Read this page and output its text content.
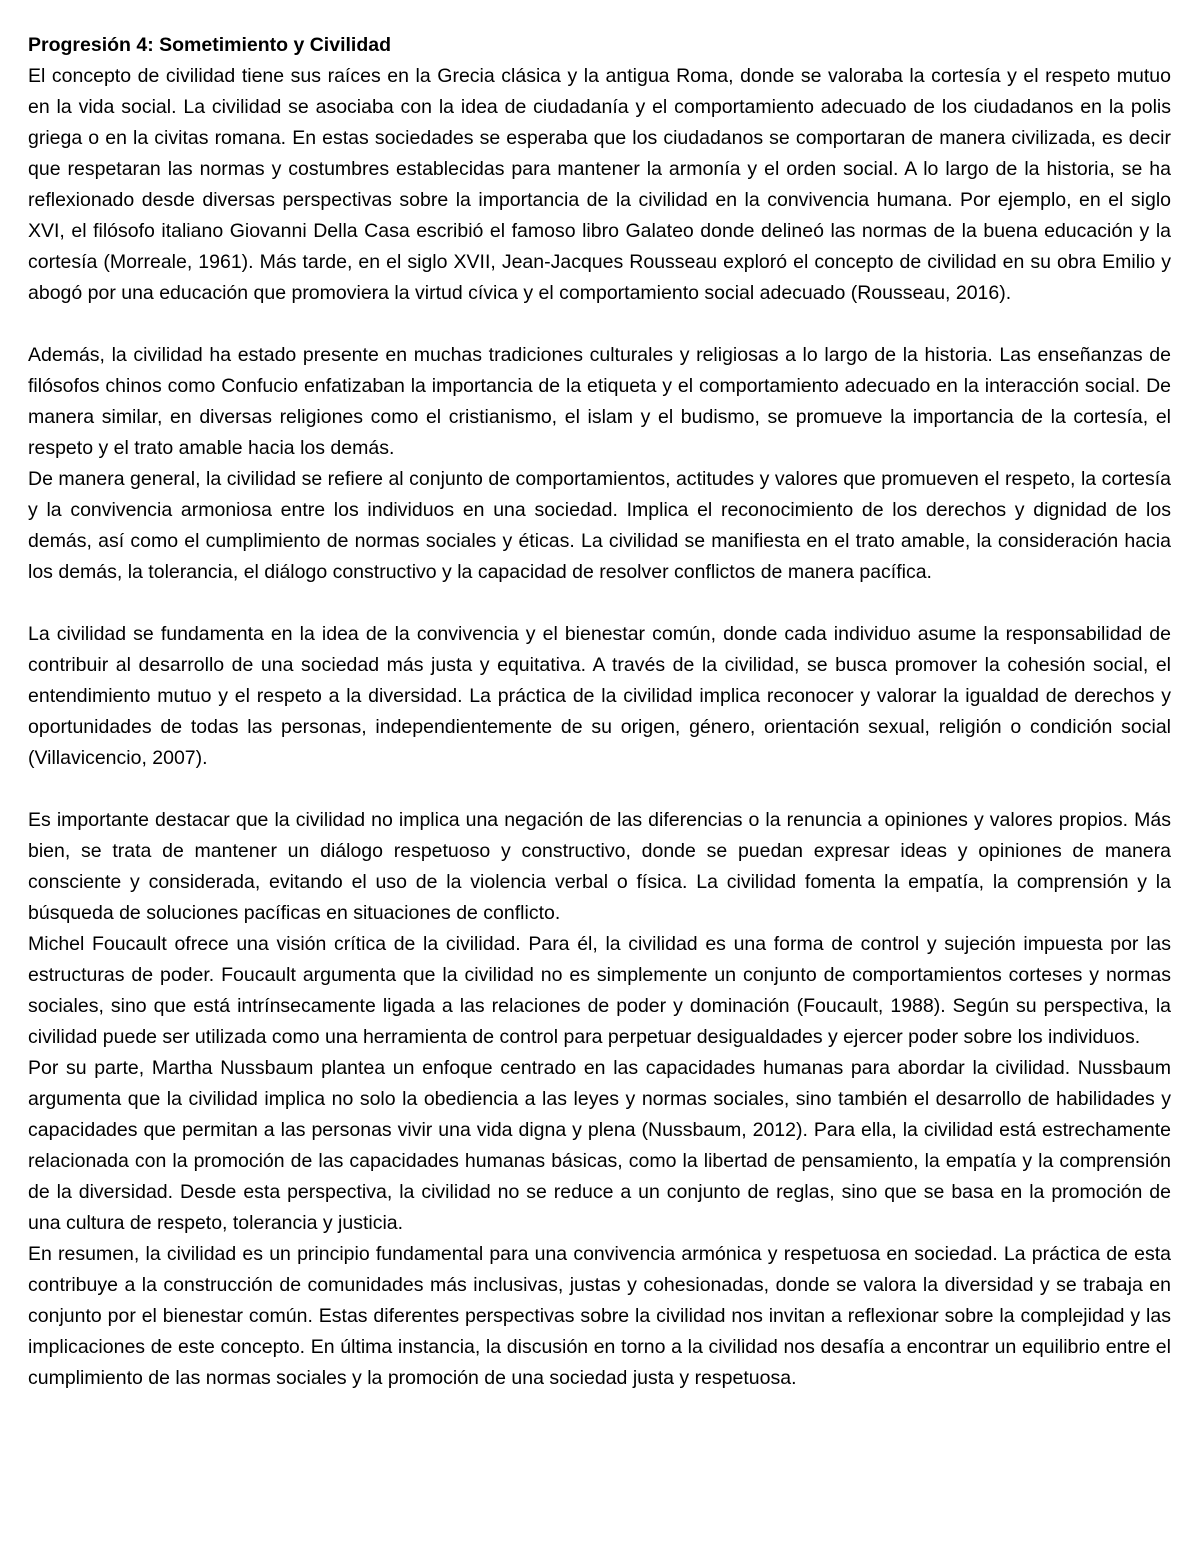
Progresión 4: Sometimiento y Civilidad

El concepto de civilidad tiene sus raíces en la Grecia clásica y la antigua Roma, donde se valoraba la cortesía y el respeto mutuo en la vida social. La civilidad se asociaba con la idea de ciudadanía y el comportamiento adecuado de los ciudadanos en la polis griega o en la civitas romana. En estas sociedades se esperaba que los ciudadanos se comportaran de manera civilizada, es decir que respetaran las normas y costumbres establecidas para mantener la armonía y el orden social. A lo largo de la historia, se ha reflexionado desde diversas perspectivas sobre la importancia de la civilidad en la convivencia humana. Por ejemplo, en el siglo XVI, el filósofo italiano Giovanni Della Casa escribió el famoso libro Galateo donde delineó las normas de la buena educación y la cortesía (Morreale, 1961). Más tarde, en el siglo XVII, Jean-Jacques Rousseau exploró el concepto de civilidad en su obra Emilio y abogó por una educación que promoviera la virtud cívica y el comportamiento social adecuado (Rousseau, 2016).

Además, la civilidad ha estado presente en muchas tradiciones culturales y religiosas a lo largo de la historia. Las enseñanzas de filósofos chinos como Confucio enfatizaban la importancia de la etiqueta y el comportamiento adecuado en la interacción social. De manera similar, en diversas religiones como el cristianismo, el islam y el budismo, se promueve la importancia de la cortesía, el respeto y el trato amable hacia los demás.

De manera general, la civilidad se refiere al conjunto de comportamientos, actitudes y valores que promueven el respeto, la cortesía y la convivencia armoniosa entre los individuos en una sociedad. Implica el reconocimiento de los derechos y dignidad de los demás, así como el cumplimiento de normas sociales y éticas. La civilidad se manifiesta en el trato amable, la consideración hacia los demás, la tolerancia, el diálogo constructivo y la capacidad de resolver conflictos de manera pacífica.

La civilidad se fundamenta en la idea de la convivencia y el bienestar común, donde cada individuo asume la responsabilidad de contribuir al desarrollo de una sociedad más justa y equitativa. A través de la civilidad, se busca promover la cohesión social, el entendimiento mutuo y el respeto a la diversidad. La práctica de la civilidad implica reconocer y valorar la igualdad de derechos y oportunidades de todas las personas, independientemente de su origen, género, orientación sexual, religión o condición social (Villavicencio, 2007).

Es importante destacar que la civilidad no implica una negación de las diferencias o la renuncia a opiniones y valores propios. Más bien, se trata de mantener un diálogo respetuoso y constructivo, donde se puedan expresar ideas y opiniones de manera consciente y considerada, evitando el uso de la violencia verbal o física. La civilidad fomenta la empatía, la comprensión y la búsqueda de soluciones pacíficas en situaciones de conflicto.

Michel Foucault ofrece una visión crítica de la civilidad. Para él, la civilidad es una forma de control y sujeción impuesta por las estructuras de poder. Foucault argumenta que la civilidad no es simplemente un conjunto de comportamientos corteses y normas sociales, sino que está intrínsecamente ligada a las relaciones de poder y dominación (Foucault, 1988). Según su perspectiva, la civilidad puede ser utilizada como una herramienta de control para perpetuar desigualdades y ejercer poder sobre los individuos.

Por su parte, Martha Nussbaum plantea un enfoque centrado en las capacidades humanas para abordar la civilidad. Nussbaum argumenta que la civilidad implica no solo la obediencia a las leyes y normas sociales, sino también el desarrollo de habilidades y capacidades que permitan a las personas vivir una vida digna y plena (Nussbaum, 2012). Para ella, la civilidad está estrechamente relacionada con la promoción de las capacidades humanas básicas, como la libertad de pensamiento, la empatía y la comprensión de la diversidad. Desde esta perspectiva, la civilidad no se reduce a un conjunto de reglas, sino que se basa en la promoción de una cultura de respeto, tolerancia y justicia.

En resumen, la civilidad es un principio fundamental para una convivencia armónica y respetuosa en sociedad. La práctica de esta contribuye a la construcción de comunidades más inclusivas, justas y cohesionadas, donde se valora la diversidad y se trabaja en conjunto por el bienestar común. Estas diferentes perspectivas sobre la civilidad nos invitan a reflexionar sobre la complejidad y las implicaciones de este concepto. En última instancia, la discusión en torno a la civilidad nos desafía a encontrar un equilibrio entre el cumplimiento de las normas sociales y la promoción de una sociedad justa y respetuosa.
